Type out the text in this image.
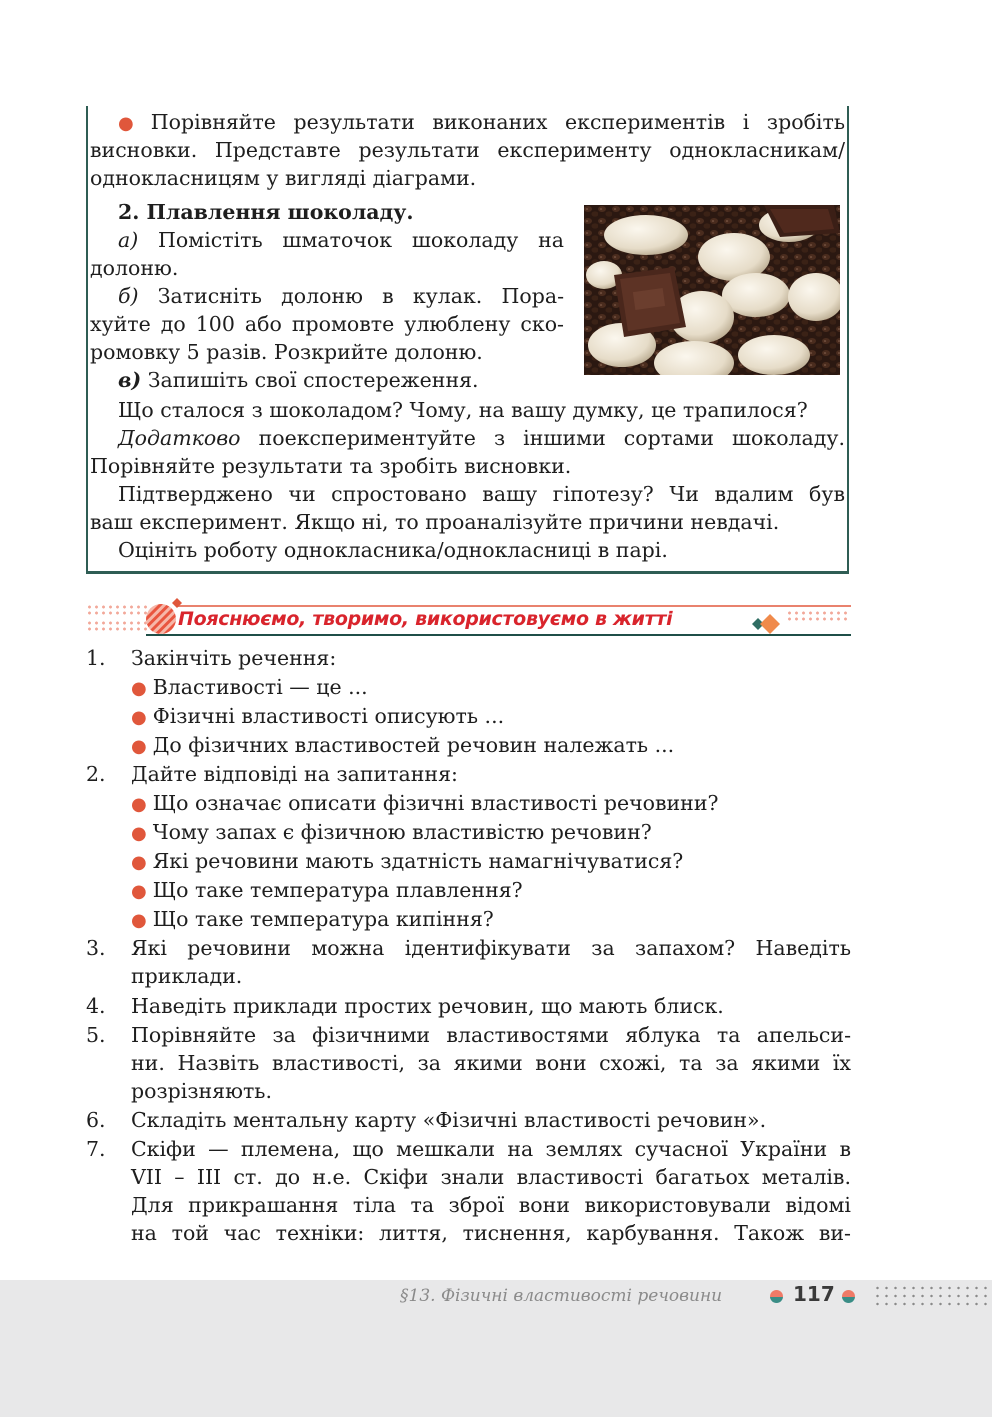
● Порівняйте результати виконаних експериментів і зробіть
висновки. Представте результати експерименту однокласникам/
однокласницям у вигляді діаграми.
2. Плавлення шоколаду.
а) Помістіть шматочок шоколаду на
долоню.
б) Затисніть долоню в кулак. Пора-
хуйте до 100 або промовте улюблену ско-
ромовку 5 разів. Розкрийте долоню.
в) Запишіть свої спостереження.
Що сталося з шоколадом? Чому, на вашу думку, це трапилося?
Додатково поекспериментуйте з іншими сортами шоколаду.
Порівняйте результати та зробіть висновки.
Підтверджено чи спростовано вашу гіпотезу? Чи вдалим був
ваш експеримент. Якщо ні, то проаналізуйте причини невдачі.
Оцініть роботу однокласника/однокласниці в парі.
Пояснюємо, творимо, використовуємо в житті
1. Закінчіть речення:
● Властивості — це ...
● Фізичні властивості описують ...
● До фізичних властивостей речовин належать ...
2. Дайте відповіді на запитання:
● Що означає описати фізичні властивості речовини?
● Чому запах є фізичною властивістю речовин?
● Які речовини мають здатність намагнічуватися?
● Що таке температура плавлення?
● Що таке температура кипіння?
3. Які речовини можна ідентифікувати за запахом? Наведіть
приклади.
4. Наведіть приклади простих речовин, що мають блиск.
5. Порівняйте за фізичними властивостями яблука та апельси-
ни. Назвіть властивості, за якими вони схожі, та за якими їх
розрізняють.
6. Складіть ментальну карту «Фізичні властивості речовин».
7. Скіфи — племена, що мешкали на землях сучасної України в
VII – III ст. до н.е. Скіфи знали властивості багатьох металів.
Для прикрашання тіла та зброї вони використовували відомі
на той час техніки: лиття, тиснення, карбування. Також ви-
§13. Фізичні властивості речовини	117
